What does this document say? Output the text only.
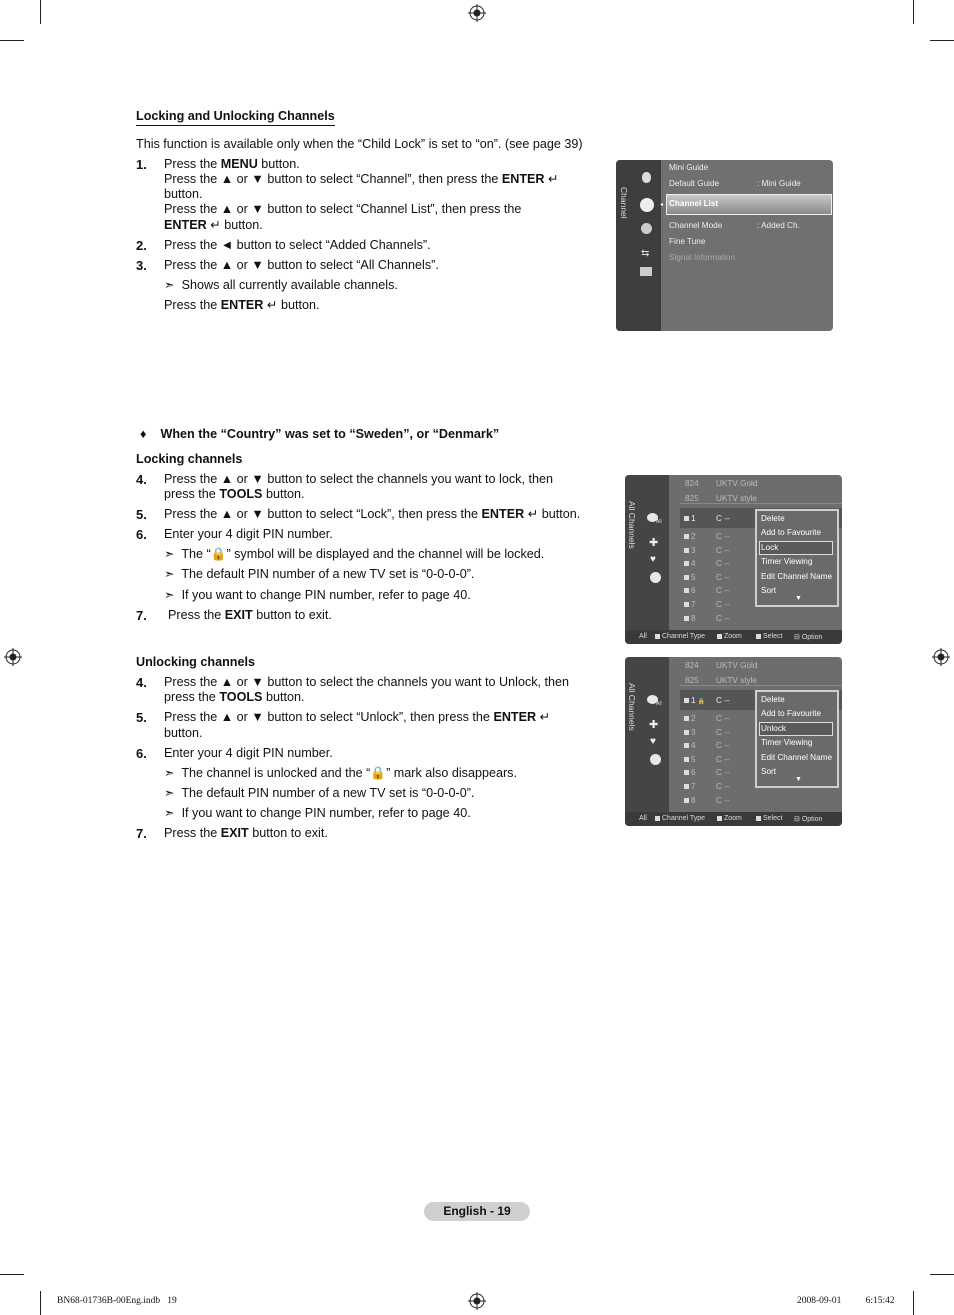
Locking and Unlocking Channels
This function is available only when the “Child Lock” is set to “on”. (see page 39)
1. Press the MENU button.
Press the ▲ or ▼ button to select “Channel”, then press the ENTER ↵
button.
Press the ▲ or ▼ button to select “Channel List”, then press the
ENTER ↵ button.
2. Press the ◄ button to select “Added Channels”.
3. Press the ▲ or ▼ button to select “All Channels”.
➣ Shows all currently available channels.
Press the ENTER ↵ button.
Channel
⇆
◂
Mini Guide
Default Guide	: Mini Guide
Channel List
Channel Mode	: Added Ch.
Fine Tune
Signal Information
♦ When the “Country” was set to “Sweden”, or “Denmark”
Locking channels
4. Press the ▲ or ▼ button to select the channels you want to lock, then
press the TOOLS button.
5. Press the ▲ or ▼ button to select “Lock”, then press the ENTER ↵ button.
6. Enter your 4 digit PIN number.
➣ The “🔒” symbol will be displayed and the channel will be locked.
➣ The default PIN number of a new TV set is “0-0-0-0”.
➣ If you want to change PIN number, refer to page 40.
7. Press the EXIT button to exit.
Unlocking channels
4. Press the ▲ or ▼ button to select the channels you want to Unlock, then
press the TOOLS button.
5. Press the ▲ or ▼ button to select “Unlock”, then press the ENTER ↵
button.
6. Enter your 4 digit PIN number.
➣ The channel is unlocked and the “🔒” mark also disappears.
➣ The default PIN number of a new TV set is “0-0-0-0”.
➣ If you want to change PIN number, refer to page 40.
7. Press the EXIT button to exit.
All Channels	All
✚
♥
824 UKTV Gold
825 UKTV style
1 C --
2 C --
3 C --
4 C --
5 C --
6 C --
7 C --
8 C --
Delete
Add to Favourite
Lock
Timer Viewing
Edit Channel Name
Sort
▼
All	Channel Type	Zoom	Select ⊟ Option
All Channels	All
✚
♥
824 UKTV Gold
825 UKTV style
1 🔒 C --
2 C --
3 C --
4 C --
5 C --
6 C --
7 C --
8 C --
Delete
Add to Favourite
Unlock
Timer Viewing
Edit Channel Name
Sort
▼
All	Channel Type	Zoom	Select ⊟ Option
English - 19
BN68-01736B-00Eng.indb   19	2008-09-01   ￿￿ 6:15:42
